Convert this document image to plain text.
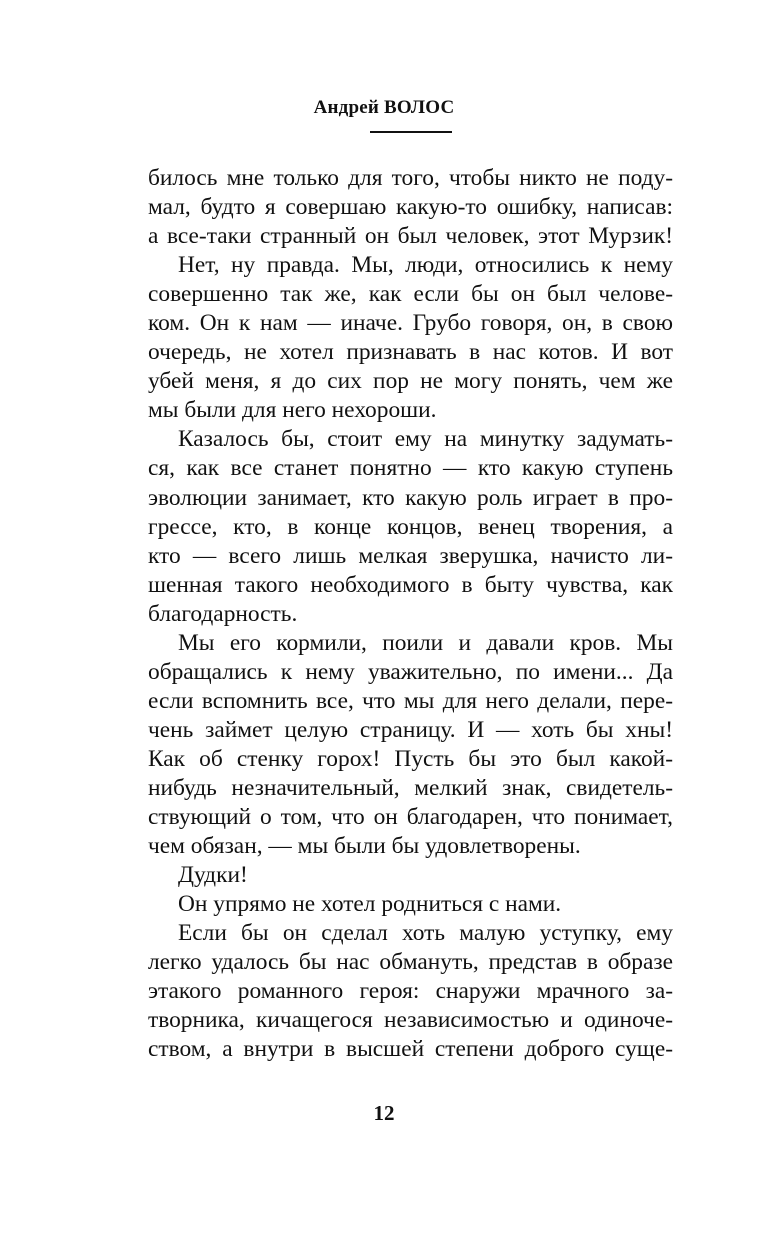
Андрей ВОЛОС

билось мне только для того, чтобы никто не поду-
мал, будто я совершаю какую-то ошибку, написав:
а все-таки странный он был человек, этот Мурзик!

Нет, ну правда. Мы, люди, относились к нему
совершенно так же, как если бы он был челове-
ком. Он к нам — иначе. Грубо говоря, он, в свою
очередь, не хотел признавать в нас котов. И вот
убей меня, я до сих пор не могу понять, чем же
мы были для него нехороши.

Казалось бы, стоит ему на минутку задумать-
ся, как все станет понятно — кто какую ступень
эволюции занимает, кто какую роль играет в про-
грессе, кто, в конце концов, венец творения, а
кто — всего лишь мелкая зверушка, начисто ли-
шенная такого необходимого в быту чувства, как
благодарность.

Мы его кормили, поили и давали кров. Мы
обращались к нему уважительно, по имени... Да
если вспомнить все, что мы для него делали, пере-
чень займет целую страницу. И — хоть бы хны!
Как об стенку горох! Пусть бы это был какой-
нибудь незначительный, мелкий знак, свидетель-
ствующий о том, что он благодарен, что понимает,
чем обязан, — мы были бы удовлетворены.

Дудки!

Он упрямо не хотел родниться с нами.

Если бы он сделал хоть малую уступку, ему
легко удалось бы нас обмануть, представ в образе
этакого романного героя: снаружи мрачного за-
творника, кичащегося независимостью и одиноче-
ством, а внутри в высшей степени доброго суще-

12
